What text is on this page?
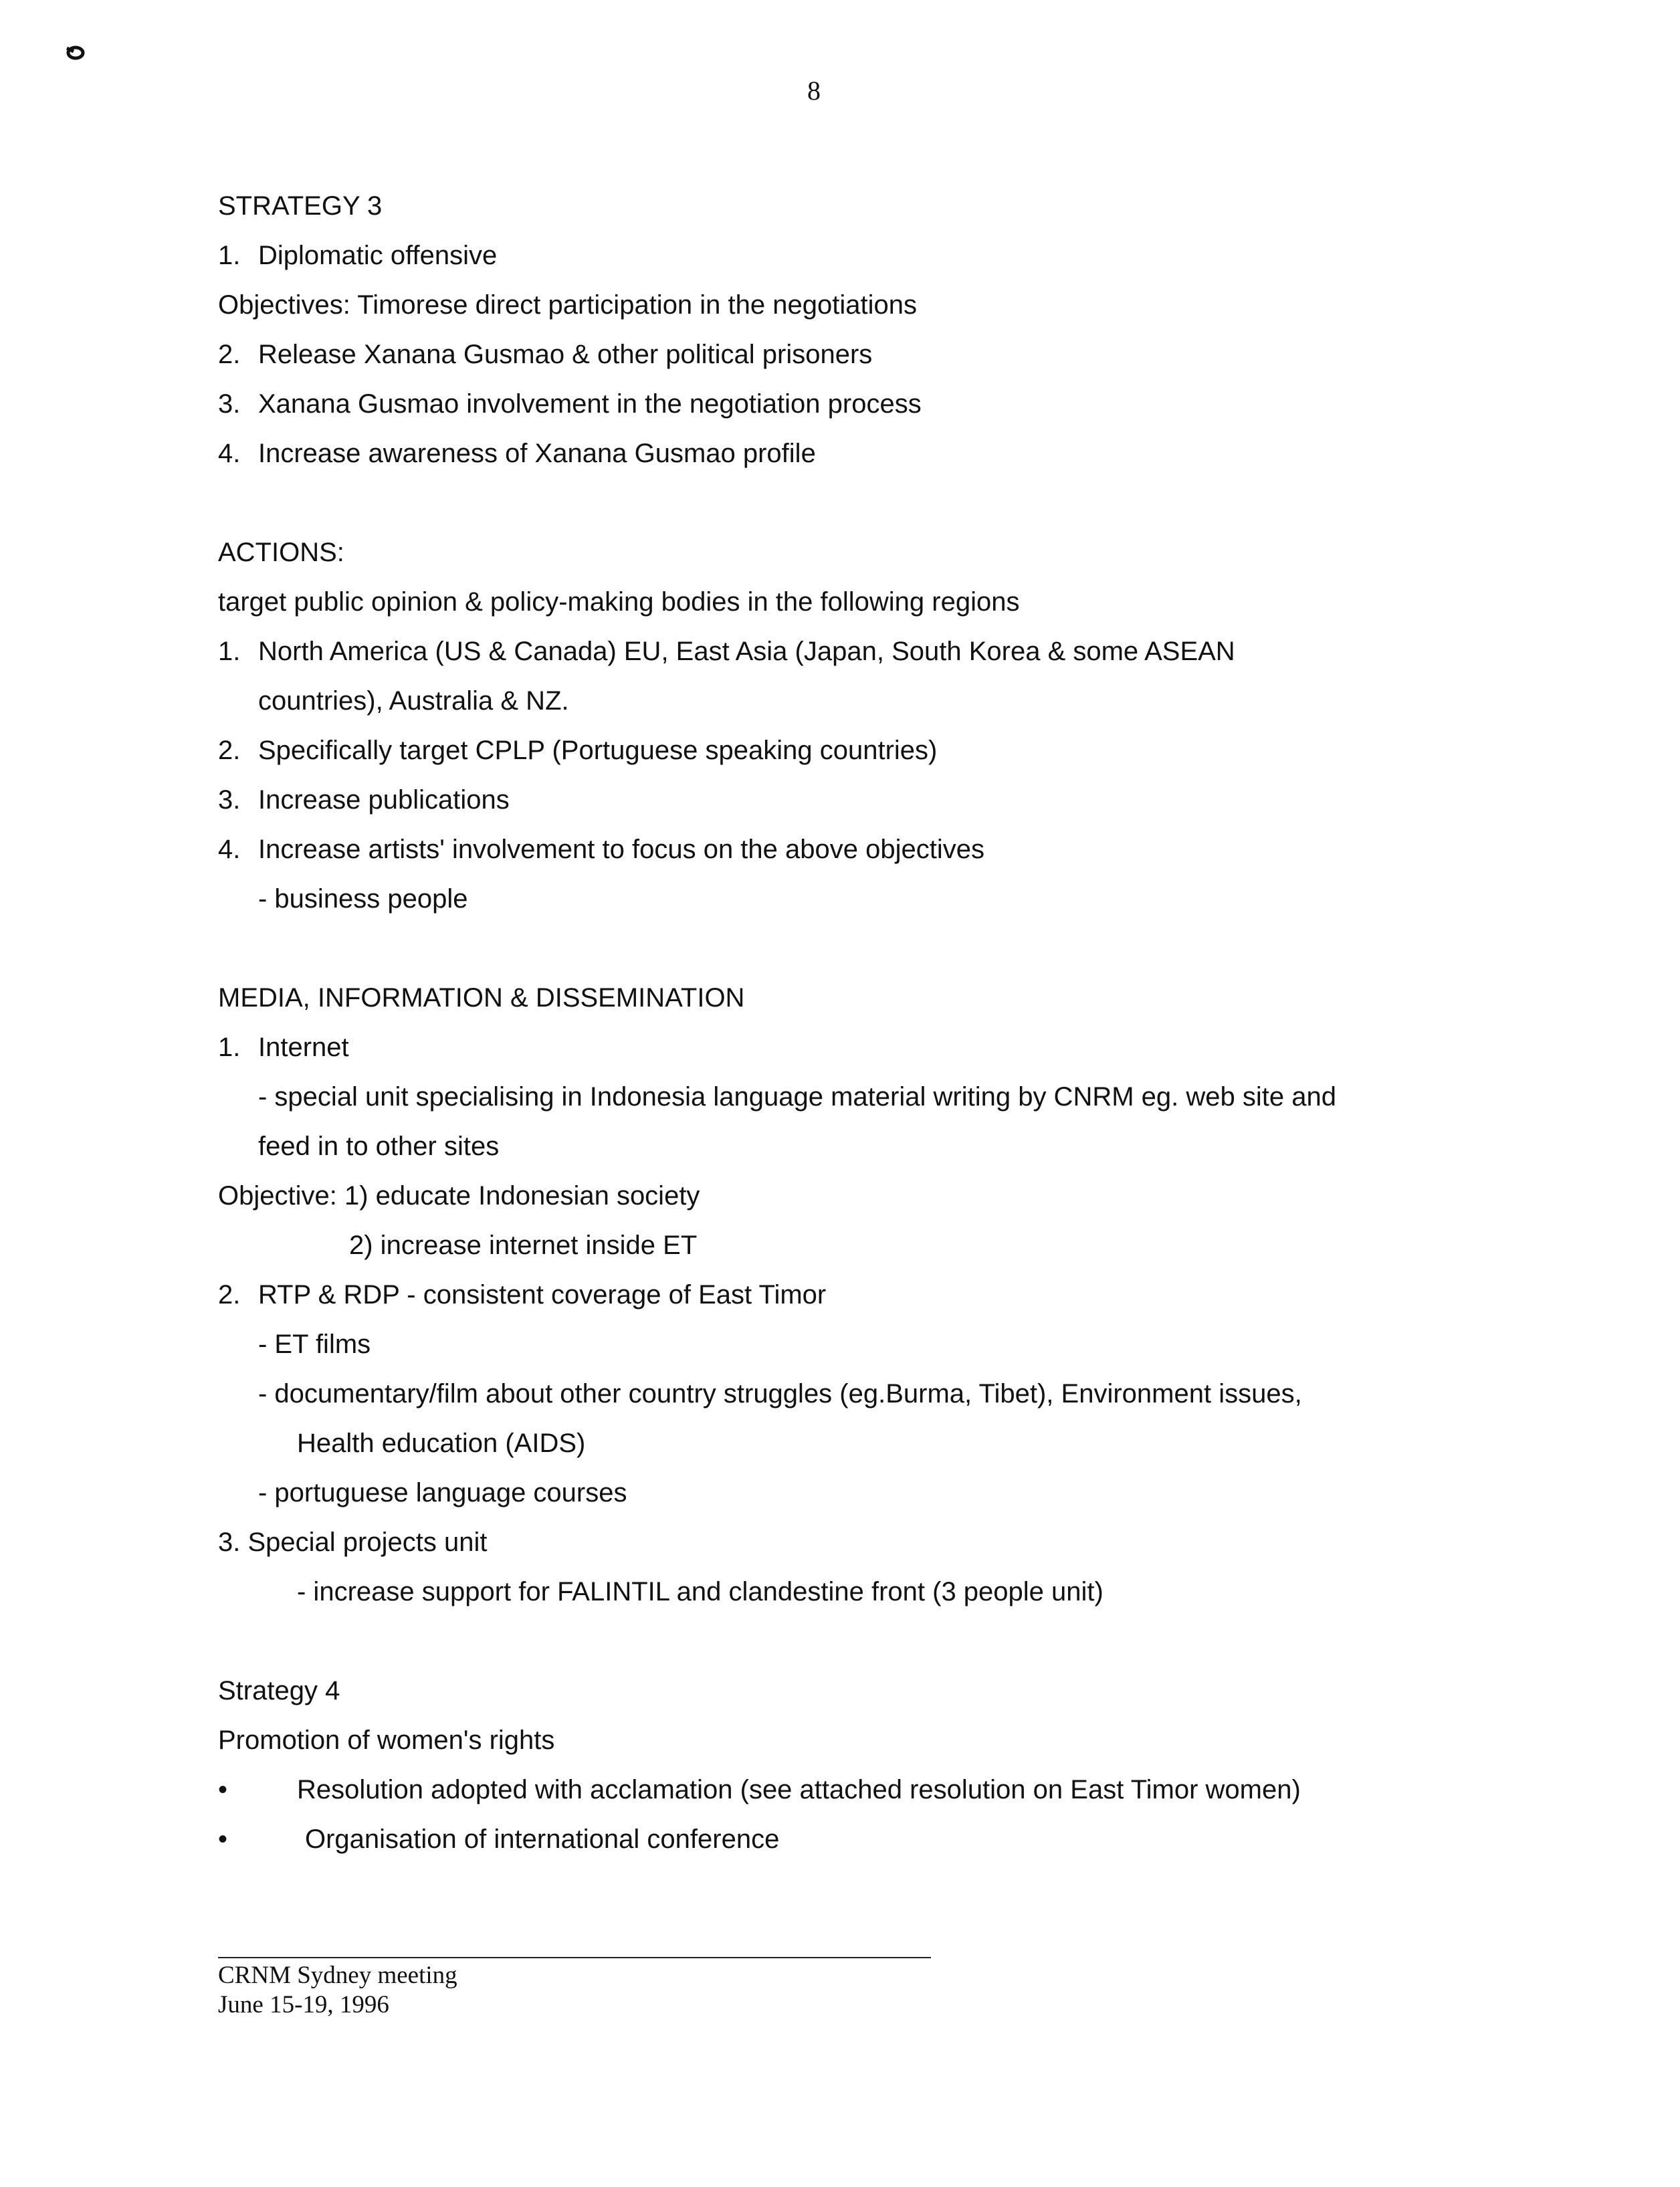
8
STRATEGY 3
1. Diplomatic offensive
Objectives: Timorese direct participation in the negotiations
2. Release Xanana Gusmao & other political prisoners
3. Xanana Gusmao involvement in the negotiation process
4. Increase awareness of Xanana Gusmao profile
ACTIONS:
target public opinion & policy-making bodies in the following regions
1. North America (US & Canada) EU, East Asia (Japan, South Korea & some ASEAN
countries), Australia & NZ.
2. Specifically target CPLP (Portuguese speaking countries)
3. Increase publications
4. Increase artists' involvement to focus on the above objectives
- business people
MEDIA, INFORMATION & DISSEMINATION
1. Internet
- special unit specialising in Indonesia language material writing by CNRM eg. web site and
feed in to other sites
Objective: 1) educate Indonesian society
2) increase internet inside ET
2. RTP & RDP - consistent coverage of East Timor
- ET films
- documentary/film about other country struggles (eg.Burma, Tibet), Environment issues,
Health education (AIDS)
- portuguese language courses
3. Special projects unit
- increase support for FALINTIL and clandestine front (3 people unit)
Strategy 4
Promotion of women's rights
•	Resolution adopted with acclamation (see attached resolution on East Timor women)
•	Organisation of international conference
CRNM Sydney meeting
June 15-19, 1996
